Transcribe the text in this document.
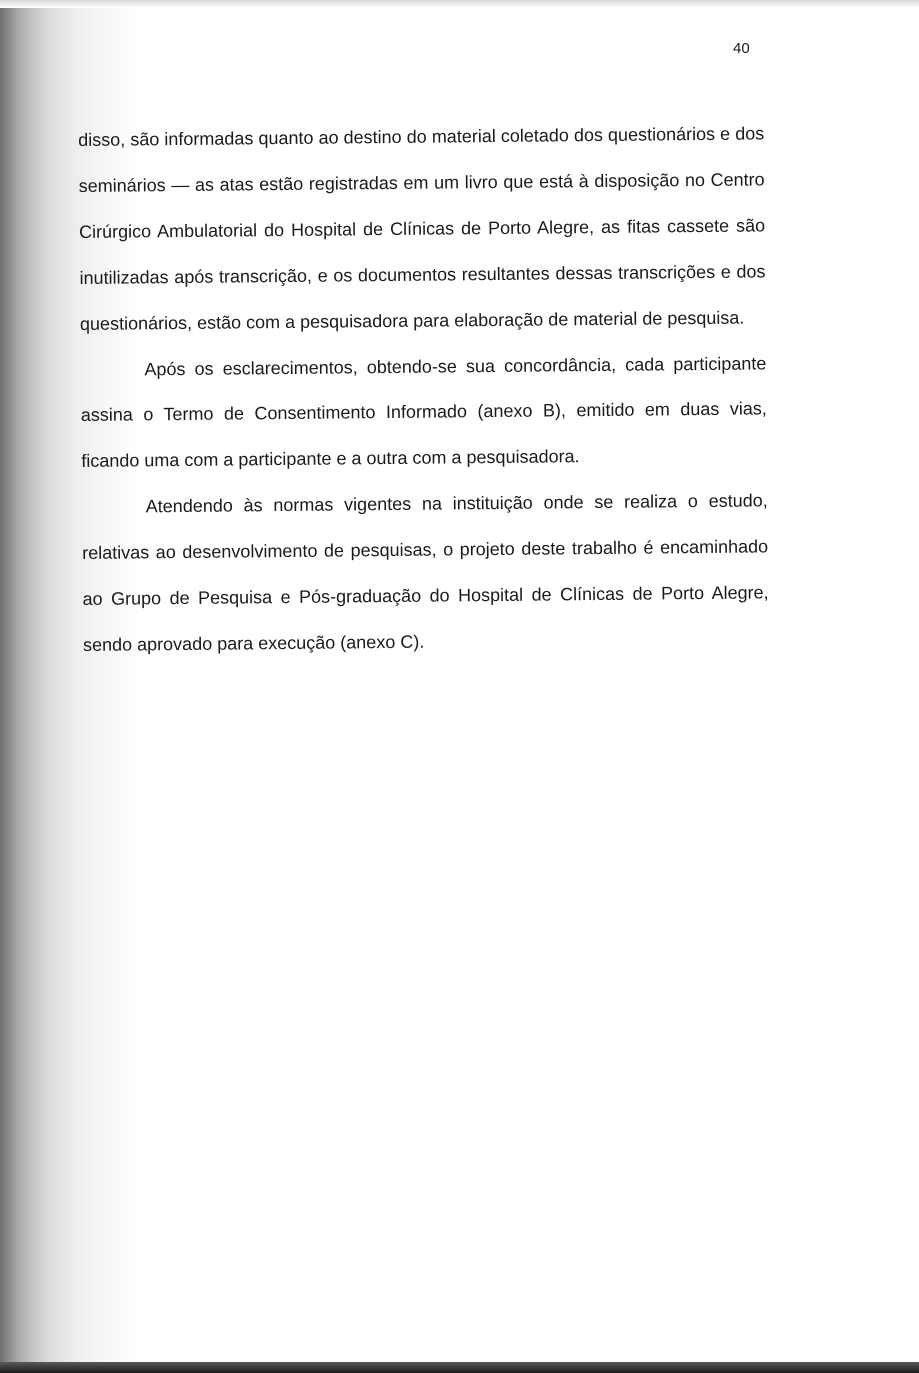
40

disso, são informadas quanto ao destino do material coletado dos questionários e dos seminários — as atas estão registradas em um livro que está à disposição no Centro Cirúrgico Ambulatorial do Hospital de Clínicas de Porto Alegre, as fitas cassete são inutilizadas após transcrição, e os documentos resultantes dessas transcrições e dos questionários, estão com a pesquisadora para elaboração de material de pesquisa.

Após os esclarecimentos, obtendo-se sua concordância, cada participante assina o Termo de Consentimento Informado (anexo B), emitido em duas vias, ficando uma com a participante e a outra com a pesquisadora.

Atendendo às normas vigentes na instituição onde se realiza o estudo, relativas ao desenvolvimento de pesquisas, o projeto deste trabalho é encaminhado ao Grupo de Pesquisa e Pós-graduação do Hospital de Clínicas de Porto Alegre, sendo aprovado para execução (anexo C).
